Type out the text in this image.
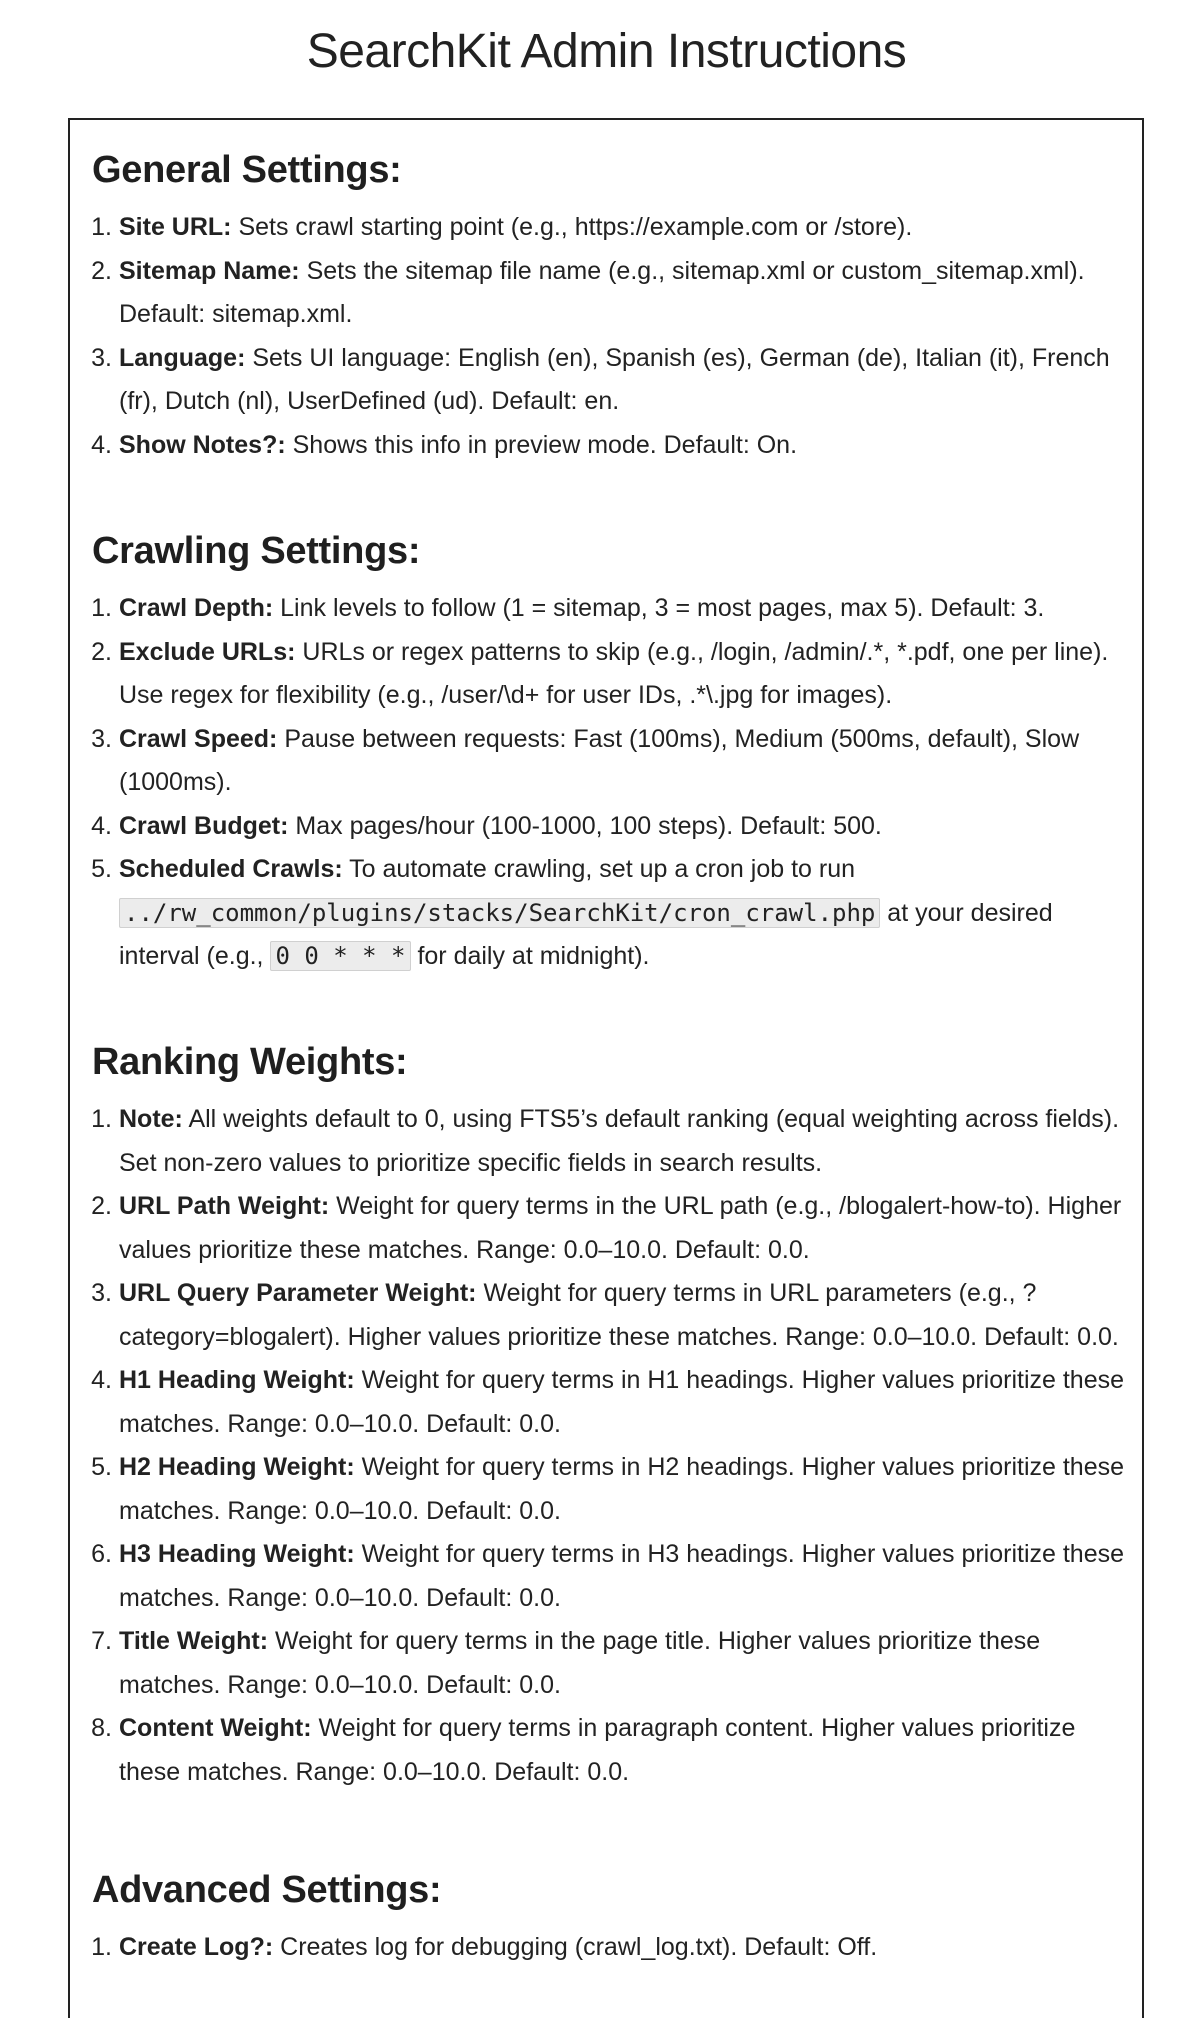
SearchKit Admin Instructions
General Settings:
1. Site URL: Sets crawl starting point (e.g., https://example.com or /store).
2. Sitemap Name: Sets the sitemap file name (e.g., sitemap.xml or custom_sitemap.xml). Default: sitemap.xml.
3. Language: Sets UI language: English (en), Spanish (es), German (de), Italian (it), French (fr), Dutch (nl), UserDefined (ud). Default: en.
4. Show Notes?: Shows this info in preview mode. Default: On.
Crawling Settings:
1. Crawl Depth: Link levels to follow (1 = sitemap, 3 = most pages, max 5). Default: 3.
2. Exclude URLs: URLs or regex patterns to skip (e.g., /login, /admin/.*, *.pdf, one per line). Use regex for flexibility (e.g., /user/\d+ for user IDs, .*\.jpg for images).
3. Crawl Speed: Pause between requests: Fast (100ms), Medium (500ms, default), Slow (1000ms).
4. Crawl Budget: Max pages/hour (100-1000, 100 steps). Default: 500.
5. Scheduled Crawls: To automate crawling, set up a cron job to run ../rw_common/plugins/stacks/SearchKit/cron_crawl.php at your desired interval (e.g., 0 0 * * * for daily at midnight).
Ranking Weights:
1. Note: All weights default to 0, using FTS5’s default ranking (equal weighting across fields). Set non-zero values to prioritize specific fields in search results.
2. URL Path Weight: Weight for query terms in the URL path (e.g., /blogalert-how-to). Higher values prioritize these matches. Range: 0.0–10.0. Default: 0.0.
3. URL Query Parameter Weight: Weight for query terms in URL parameters (e.g., ?category=blogalert). Higher values prioritize these matches. Range: 0.0–10.0. Default: 0.0.
4. H1 Heading Weight: Weight for query terms in H1 headings. Higher values prioritize these matches. Range: 0.0–10.0. Default: 0.0.
5. H2 Heading Weight: Weight for query terms in H2 headings. Higher values prioritize these matches. Range: 0.0–10.0. Default: 0.0.
6. H3 Heading Weight: Weight for query terms in H3 headings. Higher values prioritize these matches. Range: 0.0–10.0. Default: 0.0.
7. Title Weight: Weight for query terms in the page title. Higher values prioritize these matches. Range: 0.0–10.0. Default: 0.0.
8. Content Weight: Weight for query terms in paragraph content. Higher values prioritize these matches. Range: 0.0–10.0. Default: 0.0.
Advanced Settings:
1. Create Log?: Creates log for debugging (crawl_log.txt). Default: Off.
